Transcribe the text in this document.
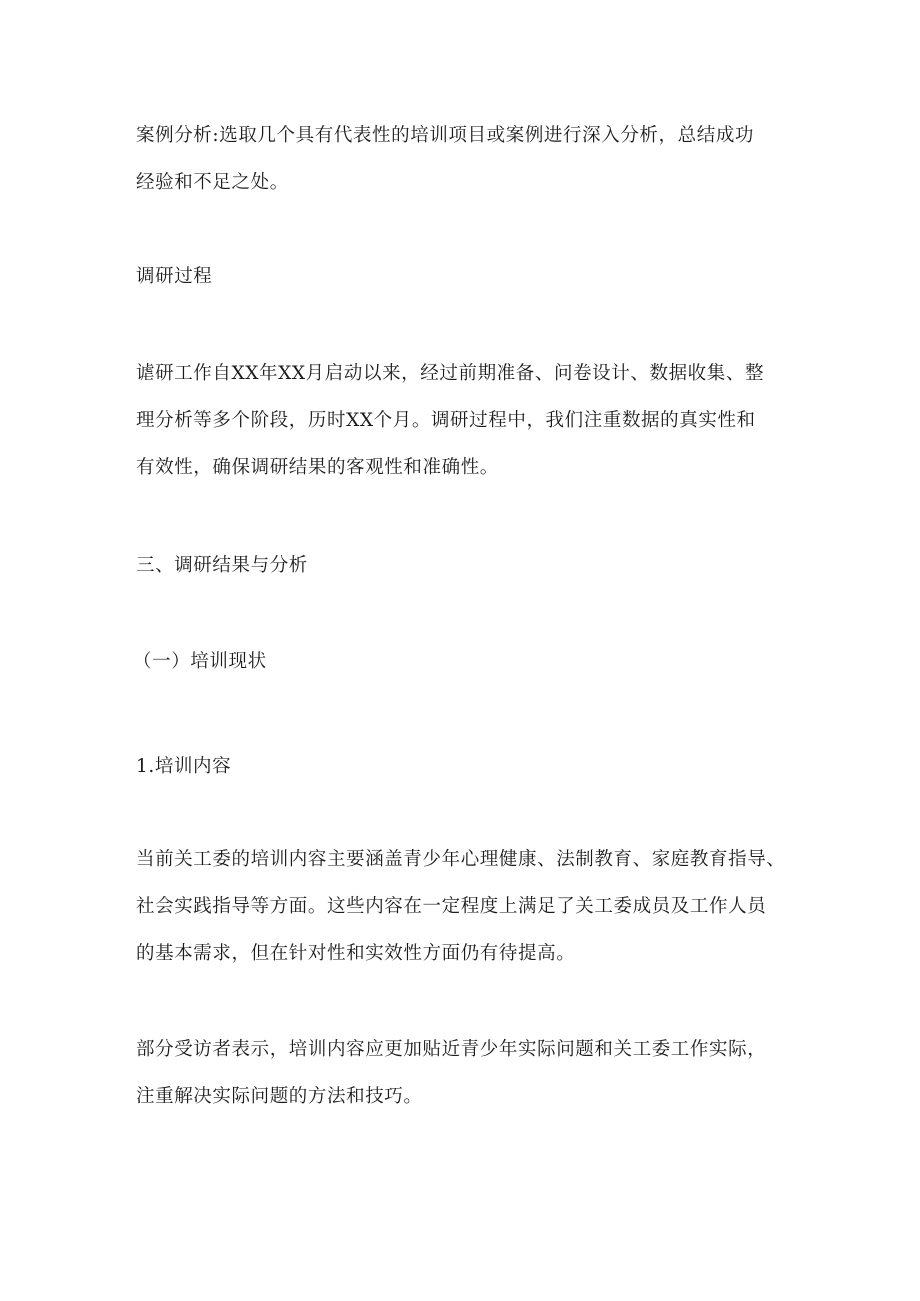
案例分析:选取几个具有代表性的培训项目或案例进行深入分析，总结成功
经验和不足之处。

调研过程

谑研工作自XX年XX月启动以来，经过前期准备、问卷设计、数据收集、整
理分析等多个阶段，历时XX个月。调研过程中，我们注重数据的真实性和
有效性，确保调研结果的客观性和准确性。

三、调研结果与分析

（一）培训现状

1.培训内容

当前关工委的培训内容主要涵盖青少年心理健康、法制教育、家庭教育指导、
社会实践指导等方面。这些内容在一定程度上满足了关工委成员及工作人员
的基本需求，但在针对性和实效性方面仍有待提高。

部分受访者表示，培训内容应更加贴近青少年实际问题和关工委工作实际，
注重解决实际问题的方法和技巧。
